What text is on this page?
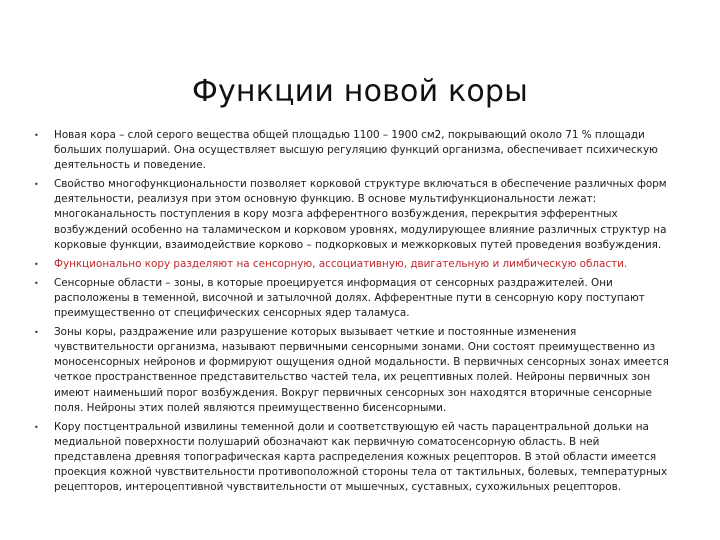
Функции новой коры
•	Новая кора – слой серого вещества общей площадью 1100 – 1900 см2, покрывающий около 71 % площади больших полушарий. Она осуществляет высшую регуляцию функций организма, обеспечивает психическую деятельность и поведение.
•	Свойство многофункциональности позволяет корковой структуре включаться в обеспечение различных форм деятельности, реализуя при этом основную функцию. В основе мультифункциональности лежат: многоканальность поступления в кору мозга афферентного возбуждения, перекрытия эфферентных возбуждений особенно на таламическом и корковом уровнях, модулирующее влияние различных структур на корковые функции, взаимодействие корково – подкорковых и межкорковых путей проведения возбуждения.
•	Функционально кору разделяют на сенсорную, ассоциативную, двигательную и лимбическую области.
•	Сенсорные области – зоны, в которые проецируется информация от сенсорных раздражителей. Они расположены в теменной, височной и затылочной долях. Афферентные пути в сенсорную кору поступают преимущественно от специфических сенсорных ядер таламуса.
•	Зоны коры, раздражение или разрушение которых вызывает четкие и постоянные изменения чувствительности организма, называют первичными сенсорными зонами. Они состоят преимущественно из моносенсорных нейронов и формируют ощущения одной модальности. В первичных сенсорных зонах имеется четкое пространственное представительство частей тела, их рецептивных полей. Нейроны первичных зон имеют наименьший порог возбуждения. Вокруг первичных сенсорных зон находятся вторичные сенсорные поля. Нейроны этих полей являются преимущественно бисенсорными.
•	Кору постцентральной извилины теменной доли и соответствующую ей часть парацентральной дольки на медиальной поверхности полушарий обозначают как первичную соматосенсорную область. В ней представлена древняя топографическая карта распределения кожных рецепторов. В этой области имеется проекция кожной чувствительности противоположной стороны тела от тактильных, болевых, температурных рецепторов, интероцептивной чувствительности от мышечных, суставных, сухожильных рецепторов.
